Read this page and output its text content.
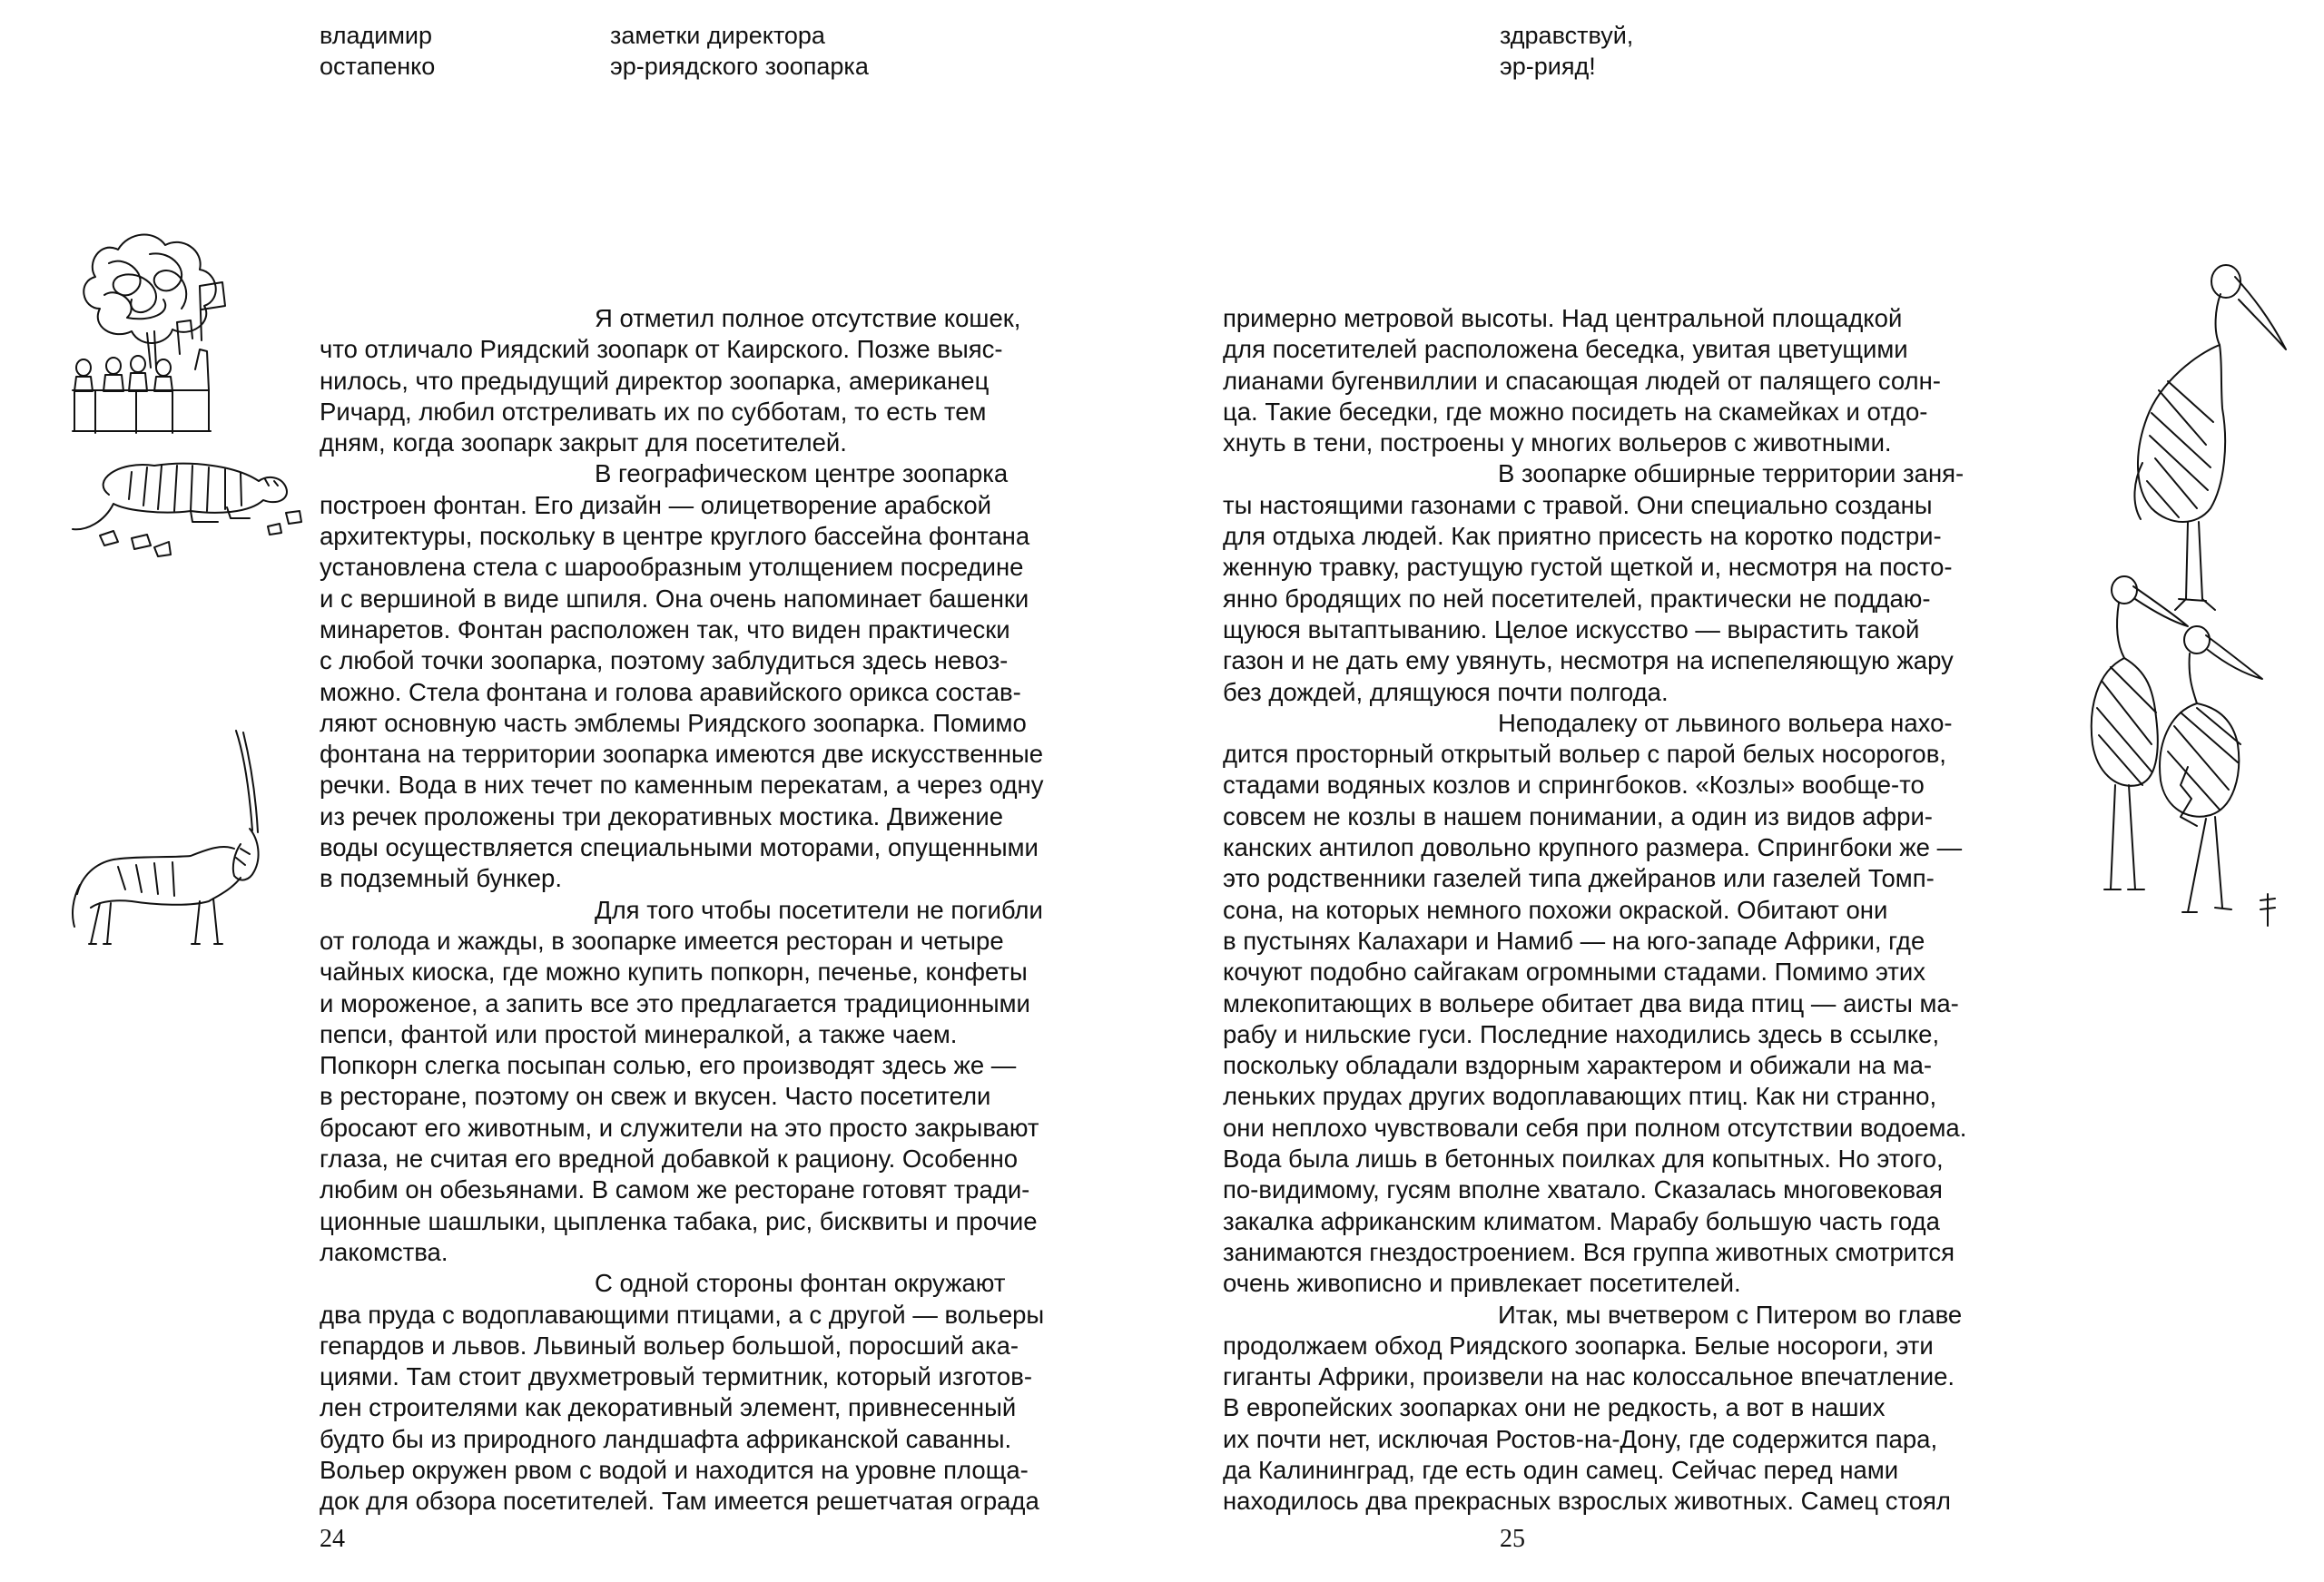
владимир
остапенко
заметки директора
эр-риядского зоопарка
здравствуй,
эр-рияд!
Я отметил полное отсутствие кошек,
что отличало Риядский зоопарк от Каирского. Позже выяс-
нилось, что предыдущий директор зоопарка, американец
Ричард, любил отстреливать их по субботам, то есть тем
дням, когда зоопарк закрыт для посетителей.
В географическом центре зоопарка
построен фонтан. Его дизайн — олицетворение арабской
архитектуры, поскольку в центре круглого бассейна фонтана
установлена стела с шарообразным утолщением посредине
и с вершиной в виде шпиля. Она очень напоминает башенки
минаретов. Фонтан расположен так, что виден практически
с любой точки зоопарка, поэтому заблудиться здесь невоз-
можно. Стела фонтана и голова аравийского орикса состав-
ляют основную часть эмблемы Риядского зоопарка. Помимо
фонтана на территории зоопарка имеются две искусственные
речки. Вода в них течет по каменным перекатам, а через одну
из речек проложены три декоративных мостика. Движение
воды осуществляется специальными моторами, опущенными
в подземный бункер.
Для того чтобы посетители не погибли
от голода и жажды, в зоопарке имеется ресторан и четыре
чайных киоска, где можно купить попкорн, печенье, конфеты
и мороженое, а запить все это предлагается традиционными
пепси, фантой или простой минералкой, а также чаем.
Попкорн слегка посыпан солью, его производят здесь же —
в ресторане, поэтому он свеж и вкусен. Часто посетители
бросают его животным, и служители на это просто закрывают
глаза, не считая его вредной добавкой к рациону. Особенно
любим он обезьянами. В самом же ресторане готовят тради-
ционные шашлыки, цыпленка табака, рис, бисквиты и прочие
лакомства.
С одной стороны фонтан окружают
два пруда с водоплавающими птицами, а с другой — вольеры
гепардов и львов. Львиный вольер большой, поросший ака-
циями. Там стоит двухметровый термитник, который изготов-
лен строителями как декоративный элемент, привнесенный
будто бы из природного ландшафта африканской саванны.
Вольер окружен рвом с водой и находится на уровне площа-
док для обзора посетителей. Там имеется решетчатая ограда
примерно метровой высоты. Над центральной площадкой
для посетителей расположена беседка, увитая цветущими
лианами бугенвиллии и спасающая людей от палящего солн-
ца. Такие беседки, где можно посидеть на скамейках и отдо-
хнуть в тени, построены у многих вольеров с животными.
В зоопарке обширные территории заня-
ты настоящими газонами с травой. Они специально созданы
для отдыха людей. Как приятно присесть на коротко подстри-
женную травку, растущую густой щеткой и, несмотря на посто-
янно бродящих по ней посетителей, практически не поддаю-
щуюся вытаптыванию. Целое искусство — вырастить такой
газон и не дать ему увянуть, несмотря на испепеляющую жару
без дождей, длящуюся почти полгода.
Неподалеку от львиного вольера нахо-
дится просторный открытый вольер с парой белых носорогов,
стадами водяных козлов и спрингбоков. «Козлы» вообще-то
совсем не козлы в нашем понимании, а один из видов афри-
канских антилоп довольно крупного размера. Спрингбоки же —
это родственники газелей типа джейранов или газелей Томп-
сона, на которых немного похожи окраской. Обитают они
в пустынях Калахари и Намиб — на юго-западе Африки, где
кочуют подобно сайгакам огромными стадами. Помимо этих
млекопитающих в вольере обитает два вида птиц — аисты ма-
рабу и нильские гуси. Последние находились здесь в ссылке,
поскольку обладали вздорным характером и обижали на ма-
леньких прудах других водоплавающих птиц. Как ни странно,
они неплохо чувствовали себя при полном отсутствии водоема.
Вода была лишь в бетонных поилках для копытных. Но этого,
по-видимому, гусям вполне хватало. Сказалась многовековая
закалка африканским климатом. Марабу большую часть года
занимаются гнездостроением. Вся группа животных смотрится
очень живописно и привлекает посетителей.
Итак, мы вчетвером с Питером во главе
продолжаем обход Риядского зоопарка. Белые носороги, эти
гиганты Африки, произвели на нас колоссальное впечатление.
В европейских зоопарках они не редкость, а вот в наших
их почти нет, исключая Ростов-на-Дону, где содержится пара,
да Калининград, где есть один самец. Сейчас перед нами
находилось два прекрасных взрослых животных. Самец стоял
24	25
